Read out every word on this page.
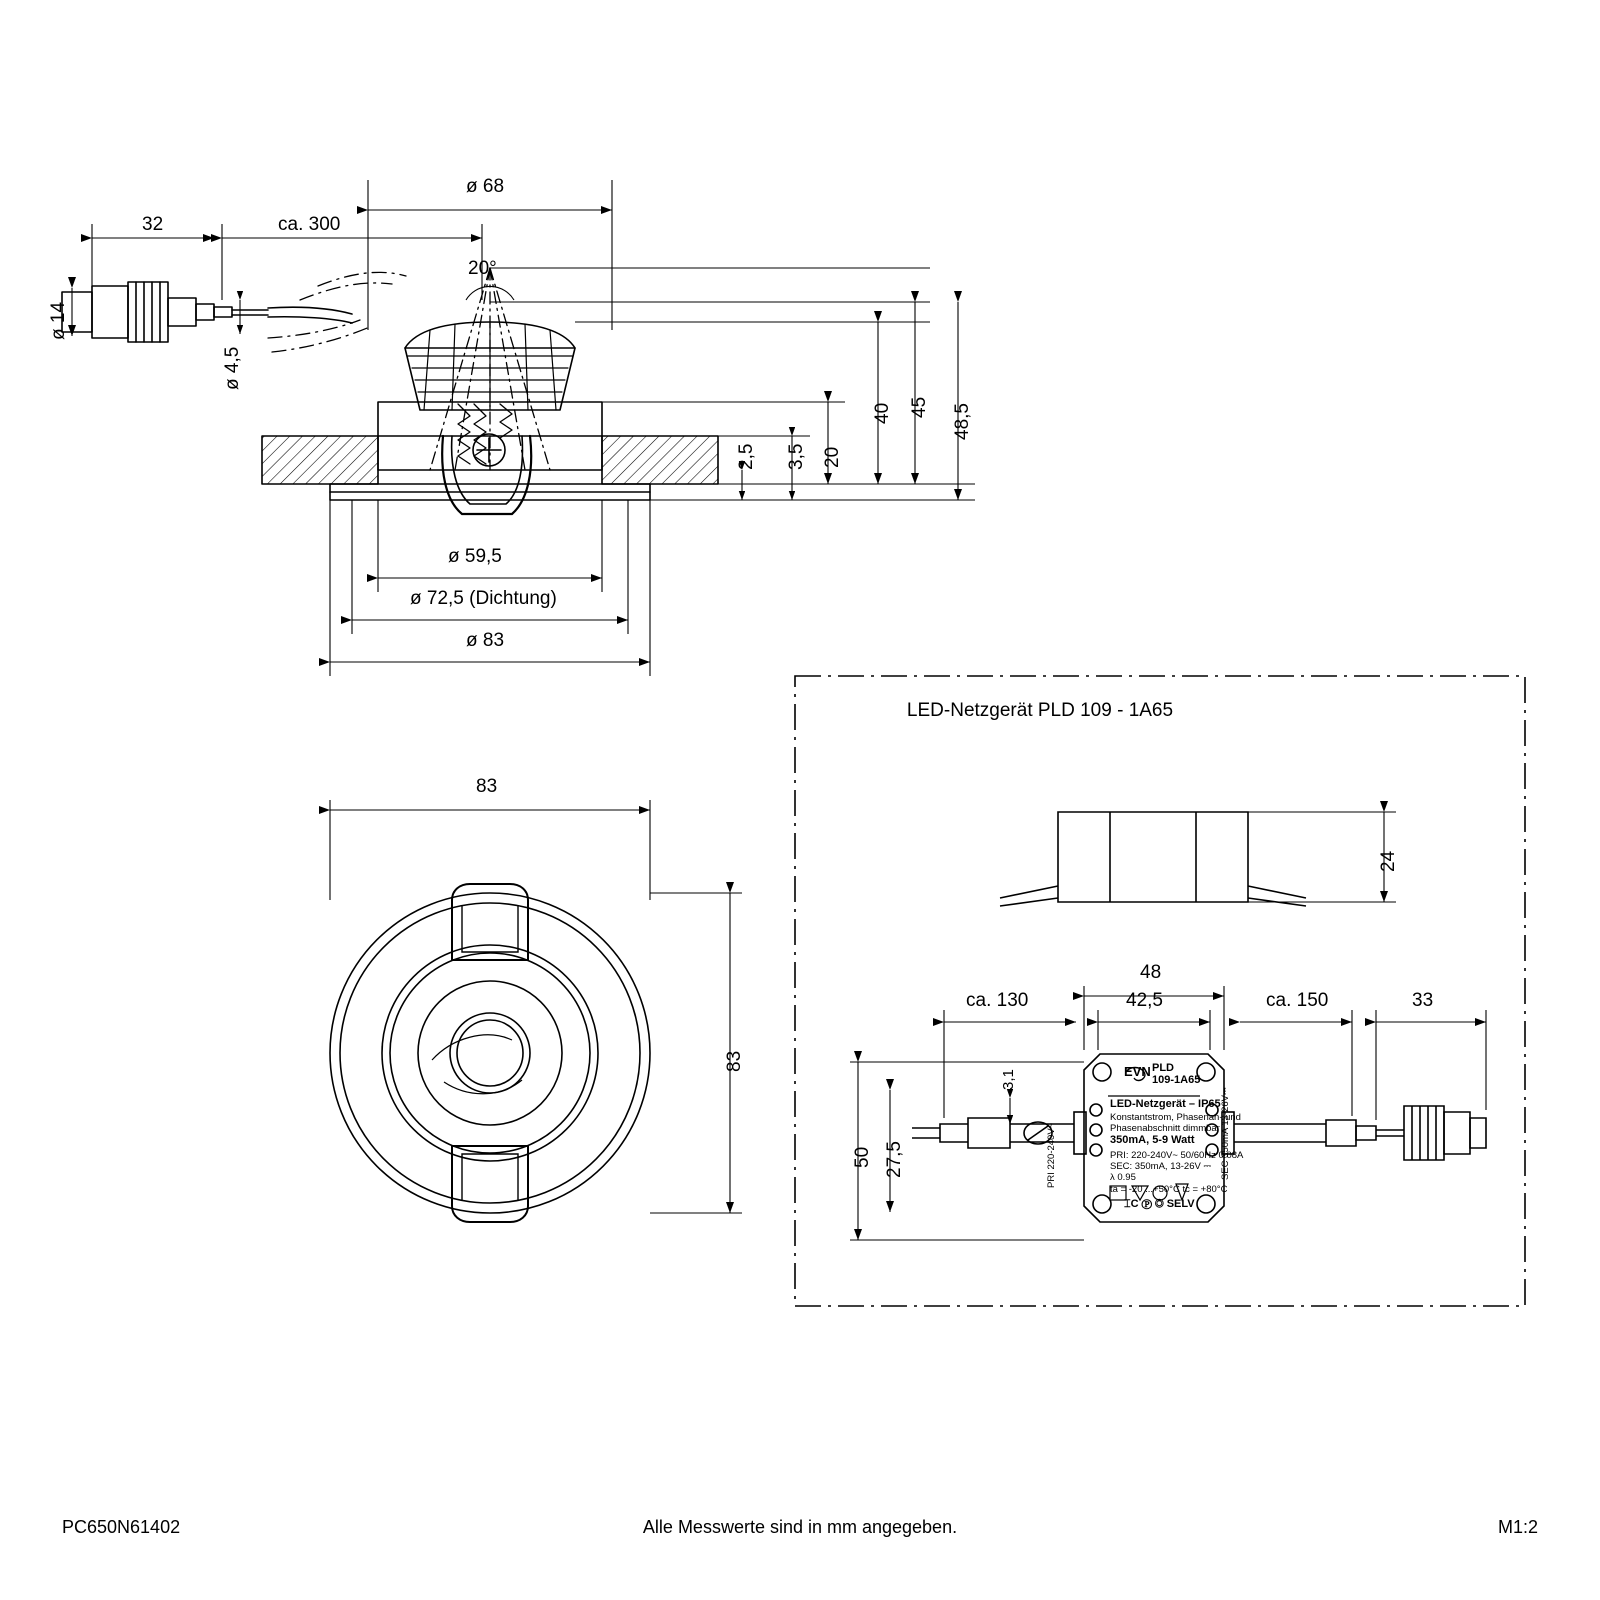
ø 68
ca. 300
32
ø 14
ø 4,5
20°
2,5 3,5 20
40 45 48,5
ø 59,5
ø 72,5 (Dichtung)
ø 83
83
83
LED-Netzgerät PLD 109 - 1A65
24
48
42,5
ca. 130	ca. 150	33
50 27,5
3,1	EVN PLD
109-1A65
LED-Netzgerät – IP65
Konstantstrom, Phasenan- und
Phasenabschnitt dimmbar
350mA, 5-9 Watt
PRI: 220-240V~ 50/60Hz 0.08A
SEC: 350mA, 13-26V ⎓
λ 0.95
ta = -20 ...+50°C tc = +80°C
PRI 220-240V~	SEC 350mA 13-26V⎓
⌶C Ⓟ ◎ SELV
PC650N61402	Alle Messwerte sind in mm angegeben.	M1:2
